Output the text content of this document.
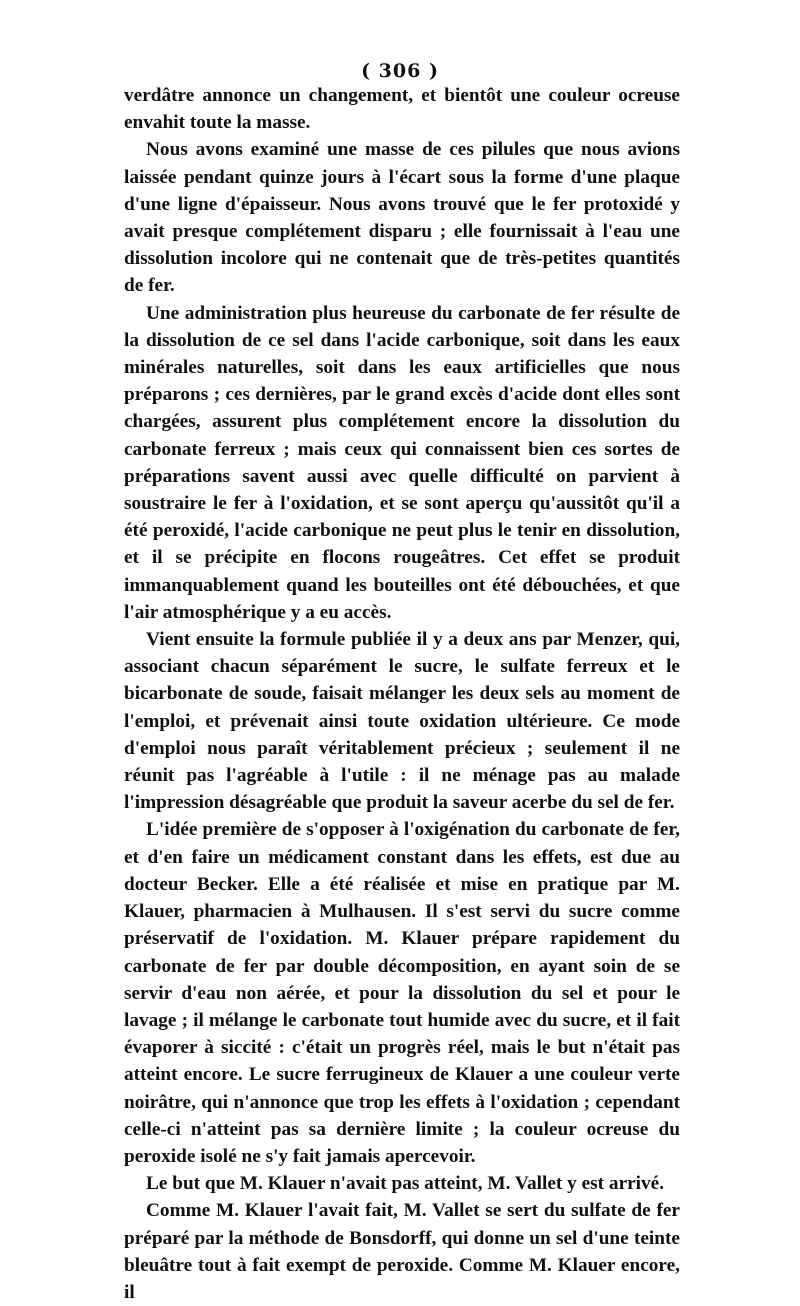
( 306 )

verdâtre annonce un changement, et bientôt une couleur ocreuse envahit toute la masse.

Nous avons examiné une masse de ces pilules que nous avions laissée pendant quinze jours à l'écart sous la forme d'une plaque d'une ligne d'épaisseur. Nous avons trouvé que le fer protoxidé y avait presque complétement disparu ; elle fournissait à l'eau une dissolution incolore qui ne contenait que de très-petites quantités de fer.

Une administration plus heureuse du carbonate de fer résulte de la dissolution de ce sel dans l'acide carbonique, soit dans les eaux minérales naturelles, soit dans les eaux artificielles que nous préparons ; ces dernières, par le grand excès d'acide dont elles sont chargées, assurent plus complétement encore la dissolution du carbonate ferreux ; mais ceux qui connaissent bien ces sortes de préparations savent aussi avec quelle difficulté on parvient à soustraire le fer à l'oxidation, et se sont aperçu qu'aussitôt qu'il a été peroxidé, l'acide carbonique ne peut plus le tenir en dissolution, et il se précipite en flocons rougeâtres. Cet effet se produit immanquablement quand les bouteilles ont été débouchées, et que l'air atmosphérique y a eu accès.

Vient ensuite la formule publiée il y a deux ans par Menzer, qui, associant chacun séparément le sucre, le sulfate ferreux et le bicarbonate de soude, faisait mélanger les deux sels au moment de l'emploi, et prévenait ainsi toute oxidation ultérieure. Ce mode d'emploi nous paraît véritablement précieux ; seulement il ne réunit pas l'agréable à l'utile : il ne ménage pas au malade l'impression désagréable que produit la saveur acerbe du sel de fer.

L'idée première de s'opposer à l'oxigénation du carbonate de fer, et d'en faire un médicament constant dans les effets, est due au docteur Becker. Elle a été réalisée et mise en pratique par M. Klauer, pharmacien à Mulhausen. Il s'est servi du sucre comme préservatif de l'oxidation. M. Klauer prépare rapidement du carbonate de fer par double décomposition, en ayant soin de se servir d'eau non aérée, et pour la dissolution du sel et pour le lavage ; il mélange le carbonate tout humide avec du sucre, et il fait évaporer à siccité : c'était un progrès réel, mais le but n'était pas atteint encore. Le sucre ferrugineux de Klauer a une couleur verte noirâtre, qui n'annonce que trop les effets à l'oxidation ; cependant celle-ci n'atteint pas sa dernière limite ; la couleur ocreuse du peroxide isolé ne s'y fait jamais apercevoir.

Le but que M. Klauer n'avait pas atteint, M. Vallet y est arrivé.

Comme M. Klauer l'avait fait, M. Vallet se sert du sulfate de fer préparé par la méthode de Bonsdorff, qui donne un sel d'une teinte bleuâtre tout à fait exempt de peroxide. Comme M. Klauer encore, il
